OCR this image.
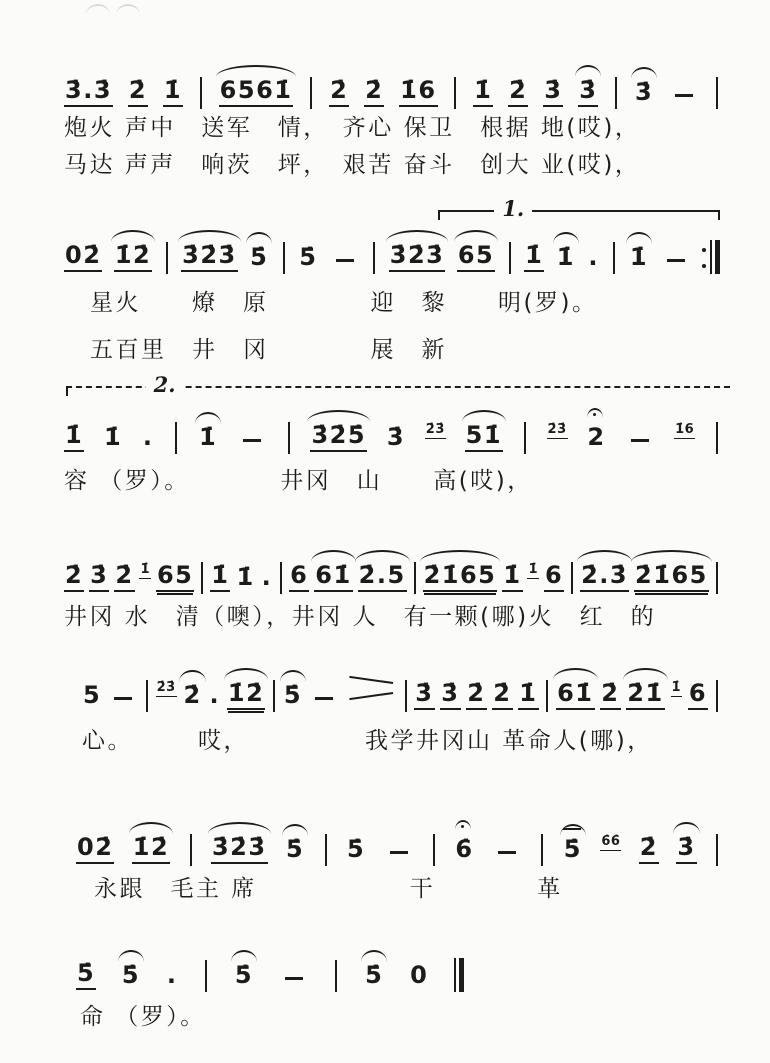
3̇.3̇ 2̇ 1̇ 6561̇ 2̇ 2̇ 1̇6 1̇ 2̇ 3̇ 3̇ 3̇
炮火 声中　送军　情，　齐心 保卫　根据 地(哎)，
马达 声声　响茨　坪，　艰苦 奋斗　创大 业(哎)，
1.
02̇ 1̇2̇ 3̇2̇3̇ 5̇ 5̇	3̇2̇3̇ 65 1̇ 1̇ . 1̇
星火　　燎　原　　　　迎　黎　　明(罗)。
五百里　井　冈　　　　展　新
2.
1̇ 1̇ . 1̇	3̇2̇5̇ 3̇ 2̇3̇ 51̇	2̇3̇ 2	1̇6
容 （罗）。　　　　井冈　山　　高(哎)，
2̇ 3̇ 2̇ 1̇ 65 1̇ 1̇ . 6 61̇ 2̇.5 2̇1̇65 1̇ 1̇ 6 2̇.3̇ 2̇1̇65
井冈 水　清（噢），井冈 人　有一颗(哪)火　红　的
5	2̇3̇ 2̇ . 1̇2̇ 5̇	3̇ 3̇ 2̇ 2̇ 1̇ 61̇ 2̇ 2̇1̇ 1̇ 6
心。　　　哎，　　　　　我学井冈山 革命人(哪)，
02̇ 1̇2̇ 3̇2̇3̇ 5̇ 5̇	6̇	5̇ 6̇6̇ 2̇ 3̇
永跟　毛主 席　　　　　　干　　　　革
5̇ 5̇ . 5̇	5̇ 0
命 （罗）。
